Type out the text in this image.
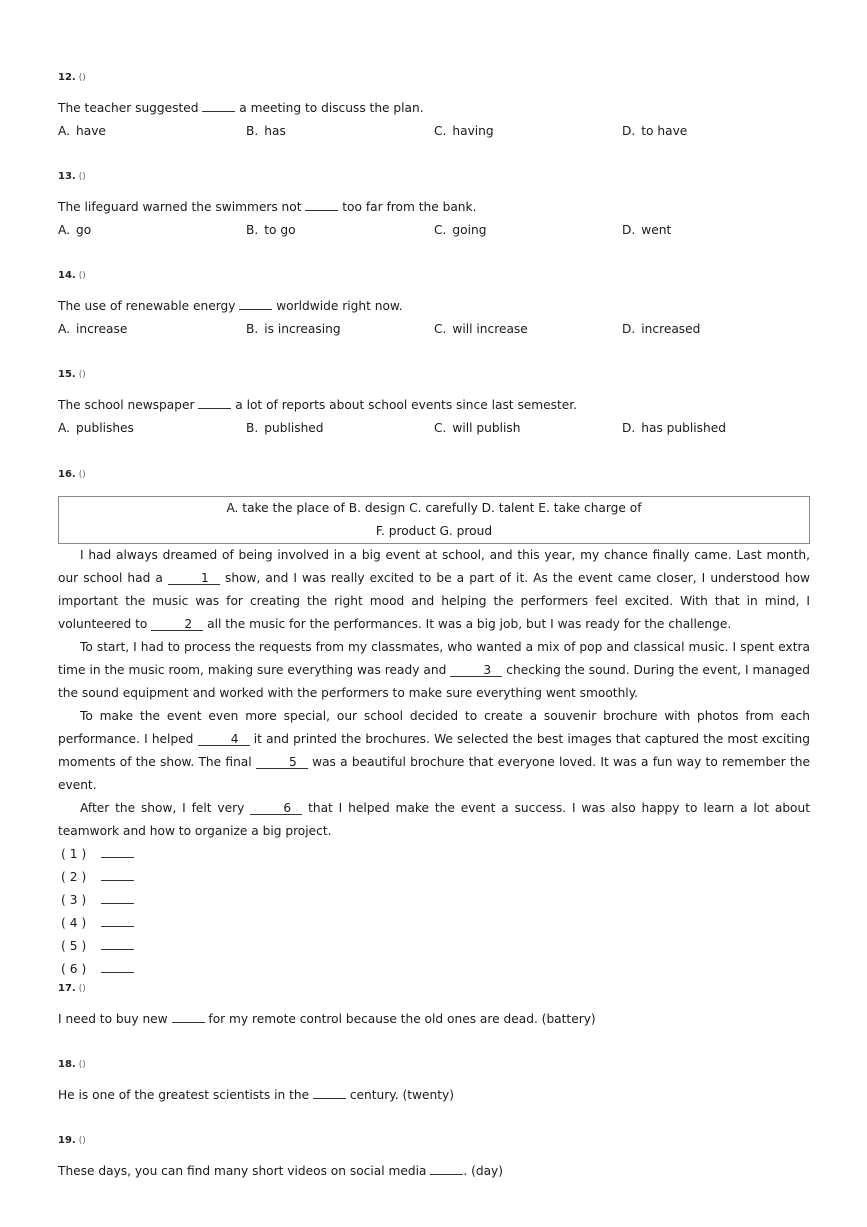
12. ()
The teacher suggested	a meeting to discuss the plan.
A. have	B. has	C. having	D. to have
13. ()
The lifeguard warned the swimmers not	too far from the bank.
A. go	B. to go	C. going	D. went
14. ()
The use of renewable energy	worldwide right now.
A. increase	B. is increasing	C. will increase	D. increased
15. ()
The school newspaper	a lot of reports about school events since last semester.
A. publishes	B. published	C. will publish	D. has published
16. ()
A. take the place of B. design C. carefully D. talent E. take charge of
F. product G. proud

I had always dreamed of being involved in a big event at school, and this year, my chance finally came. Last month, our school had a	1 show, and I was really excited to be a part of it. As the event came closer, I understood how important the music was for creating the right mood and helping the performers feel excited. With that in mind, I volunteered to	2 all the music for the performances. It was a big job, but I was ready for the challenge.

To start, I had to process the requests from my classmates, who wanted a mix of pop and classical music. I spent extra time in the music room, making sure everything was ready and	3 checking the sound. During the event, I managed the sound equipment and worked with the performers to make sure everything went smoothly.

To make the event even more special, our school decided to create a souvenir brochure with photos from each performance. I helped	4 it and printed the brochures. We selected the best images that captured the most exciting moments of the show. The final	5 was a beautiful brochure that everyone loved. It was a fun way to remember the event.

After the show, I felt very	6 that I helped make the event a success. I was also happy to learn a lot about teamwork and how to organize a big project.

(1)
(2)
(3)
(4)
(5)
(6)
17. ()
I need to buy new	for my remote control because the old ones are dead. (battery)
18. ()
He is one of the greatest scientists in the	century. (twenty)
19. ()
These days, you can find many short videos on social media	. (day)
